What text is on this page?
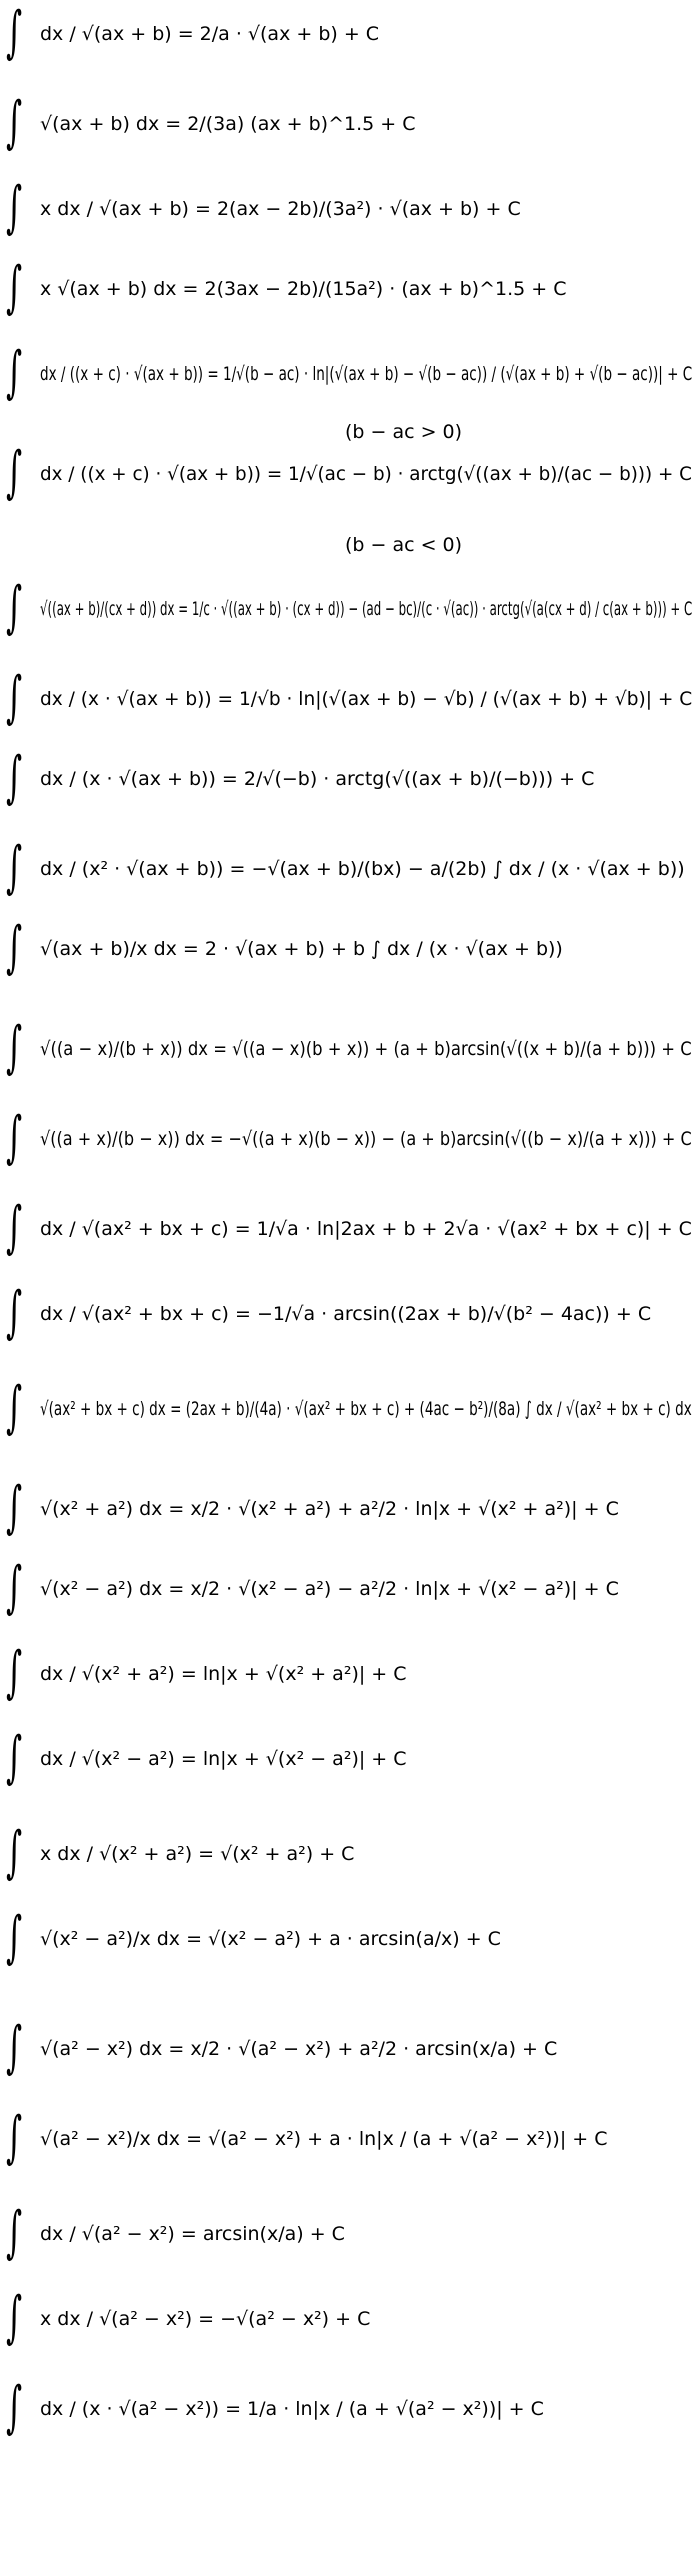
∫ dx / √(ax + b) = 2/a · √(ax + b) + C
∫ √(ax + b) dx = 2/(3a) (ax + b)^1.5 + C
∫ x dx / √(ax + b) = 2(ax − 2b)/(3a²) · √(ax + b) + C
∫ x √(ax + b) dx = 2(3ax − 2b)/(15a²) · (ax + b)^1.5 + C
∫ dx / ((x + c) · √(ax + b)) = 1/√(b − ac) · ln|(√(ax + b) − √(b − ac)) / (√(ax + b) + √(b − ac))| + C
(b − ac > 0)
∫ dx / ((x + c) · √(ax + b)) = 1/√(ac − b) · arctg(√((ax + b)/(ac − b))) + C
(b − ac < 0)
∫ √((ax + b)/(cx + d)) dx = 1/c · √((ax + b) · (cx + d)) − (ad − bc)/(c · √(ac)) · arctg(√(a(cx + d) / c(ax + b))) + C
∫ dx / (x · √(ax + b)) = 1/√b · ln|(√(ax + b) − √b) / (√(ax + b) + √b)| + C
∫ dx / (x · √(ax + b)) = 2/√(−b) · arctg(√((ax + b)/(−b))) + C
∫ dx / (x² · √(ax + b)) = −√(ax + b)/(bx) − a/(2b) ∫ dx / (x · √(ax + b))
∫ √(ax + b)/x dx = 2 · √(ax + b) + b ∫ dx / (x · √(ax + b))
∫ √((a − x)/(b + x)) dx = √((a − x)(b + x)) + (a + b)arcsin(√((x + b)/(a + b))) + C
∫ √((a + x)/(b − x)) dx = −√((a + x)(b − x)) − (a + b)arcsin(√((b − x)/(a + x))) + C
∫ dx / √(ax² + bx + c) = 1/√a · ln|2ax + b + 2√a · √(ax² + bx + c)| + C
∫ dx / √(ax² + bx + c) = −1/√a · arcsin((2ax + b)/√(b² − 4ac)) + C
∫ √(ax² + bx + c) dx = (2ax + b)/(4a) · √(ax² + bx + c) + (4ac − b²)/(8a) ∫ dx / √(ax² + bx + c) dx
∫ √(x² + a²) dx = x/2 · √(x² + a²) + a²/2 · ln|x + √(x² + a²)| + C
∫ √(x² − a²) dx = x/2 · √(x² − a²) − a²/2 · ln|x + √(x² − a²)| + C
∫ dx / √(x² + a²) = ln|x + √(x² + a²)| + C
∫ dx / √(x² − a²) = ln|x + √(x² − a²)| + C
∫ x dx / √(x² + a²) = √(x² + a²) + C
∫ √(x² − a²)/x dx = √(x² − a²) + a · arcsin(a/x) + C
∫ √(a² − x²) dx = x/2 · √(a² − x²) + a²/2 · arcsin(x/a) + C
∫ √(a² − x²)/x dx = √(a² − x²) + a · ln|x / (a + √(a² − x²))| + C
∫ dx / √(a² − x²) = arcsin(x/a) + C
∫ x dx / √(a² − x²) = −√(a² − x²) + C
∫ dx / (x · √(a² − x²)) = 1/a · ln|x / (a + √(a² − x²))| + C
